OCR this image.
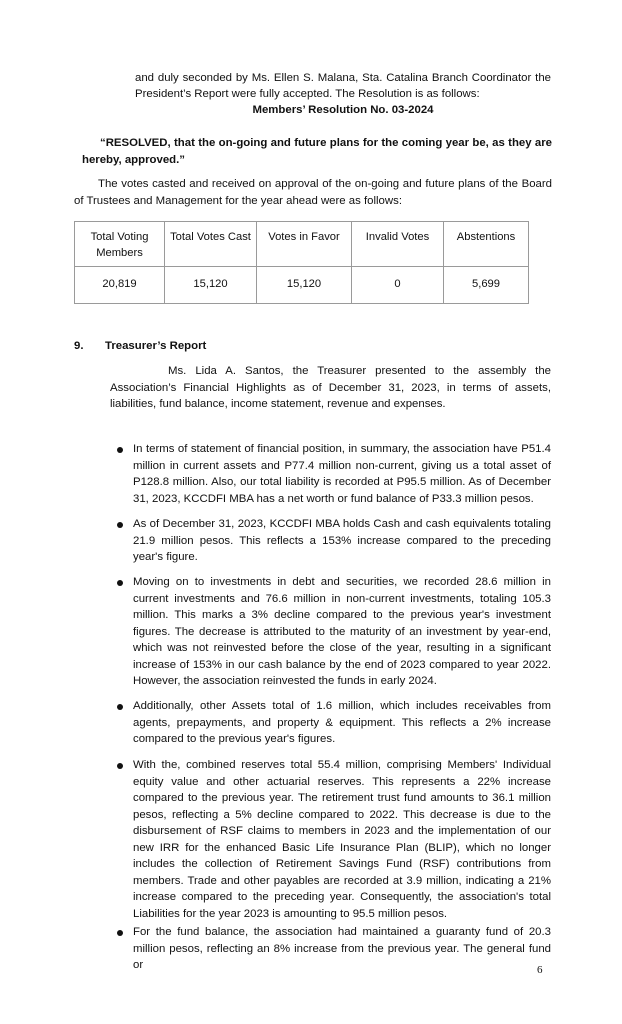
and duly seconded by Ms. Ellen S. Malana, Sta. Catalina Branch Coordinator the
President’s Report were fully accepted. The Resolution is as follows:
Members’ Resolution No. 03-2024
“RESOLVED, that the on-going and future plans for the coming year be, as they are hereby, approved.”
The votes casted and received on approval of the on-going and future plans of the Board of Trustees and Management for the year ahead were as follows:
Total Voting Members	Total Votes Cast	Votes in Favor	Invalid Votes	Abstentions
20,819	15,120	15,120	0	5,699
9. Treasurer’s Report
Ms. Lida A. Santos, the Treasurer presented to the assembly the Association’s Financial Highlights as of December 31, 2023, in terms of assets, liabilities, fund balance, income statement, revenue and expenses.
In terms of statement of financial position, in summary, the association have P51.4 million in current assets and P77.4 million non-current, giving us a total asset of P128.8 million. Also, our total liability is recorded at P95.5 million. As of December 31, 2023, KCCDFI MBA has a net worth or fund balance of P33.3 million pesos.
As of December 31, 2023, KCCDFI MBA holds Cash and cash equivalents totaling 21.9 million pesos. This reflects a 153% increase compared to the preceding year's figure.
Moving on to investments in debt and securities, we recorded 28.6 million in current investments and 76.6 million in non-current investments, totaling 105.3 million. This marks a 3% decline compared to the previous year's investment figures. The decrease is attributed to the maturity of an investment by year-end, which was not reinvested before the close of the year, resulting in a significant increase of 153% in our cash balance by the end of 2023 compared to year 2022. However, the association reinvested the funds in early 2024.
Additionally, other Assets total of 1.6 million, which includes receivables from agents, prepayments, and property & equipment. This reflects a 2% increase compared to the previous year's figures.
With the, combined reserves total 55.4 million, comprising Members' Individual equity value and other actuarial reserves. This represents a 22% increase compared to the previous year. The retirement trust fund amounts to 36.1 million pesos, reflecting a 5% decline compared to 2022. This decrease is due to the disbursement of RSF claims to members in 2023 and the implementation of our new IRR for the enhanced Basic Life Insurance Plan (BLIP), which no longer includes the collection of Retirement Savings Fund (RSF) contributions from members. Trade and other payables are recorded at 3.9 million, indicating a 21% increase compared to the preceding year. Consequently, the association's total Liabilities for the year 2023 is amounting to 95.5 million pesos.
For the fund balance, the association had maintained a guaranty fund of 20.3 million pesos, reflecting an 8% increase from the previous year. The general fund or	6
